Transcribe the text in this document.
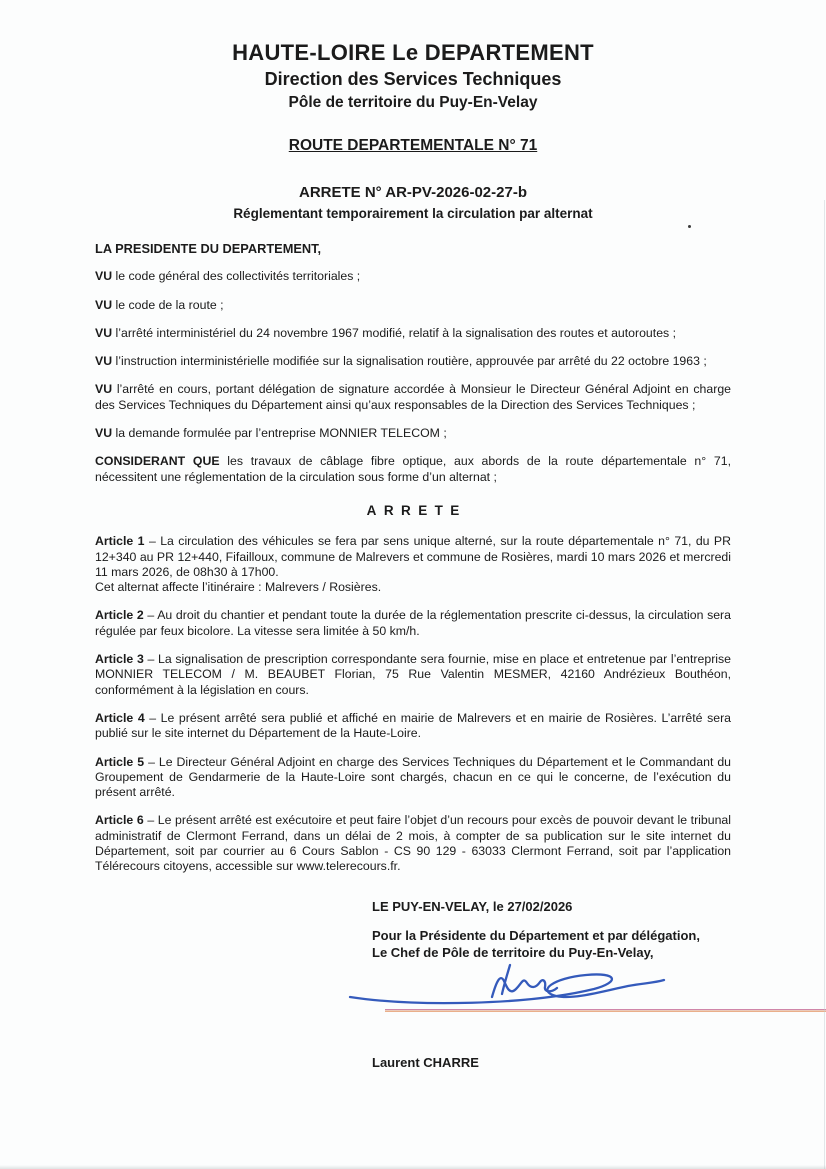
HAUTE-LOIRE Le DEPARTEMENT
Direction des Services Techniques
Pôle de territoire du Puy-En-Velay
ROUTE DEPARTEMENTALE N° 71
ARRETE N° AR-PV-2026-02-27-b
Réglementant temporairement la circulation par alternat

LA PRESIDENTE DU DEPARTEMENT,

VU le code général des collectivités territoriales ;

VU le code de la route ;

VU l’arrêté interministériel du 24 novembre 1967 modifié, relatif à la signalisation des routes et autoroutes ;

VU l’instruction interministérielle modifiée sur la signalisation routière, approuvée par arrêté du 22 octobre 1963 ;

VU l’arrêté en cours, portant délégation de signature accordée à Monsieur le Directeur Général Adjoint en charge des Services Techniques du Département ainsi qu’aux responsables de la Direction des Services Techniques ;

VU la demande formulée par l’entreprise MONNIER TELECOM ;

CONSIDERANT QUE les travaux de câblage fibre optique, aux abords de la route départementale n° 71, nécessitent une réglementation de la circulation sous forme d’un alternat ;

ARRETE

Article 1 – La circulation des véhicules se fera par sens unique alterné, sur la route départementale n° 71, du PR 12+340 au PR 12+440, Fifailloux, commune de Malrevers et commune de Rosières, mardi 10 mars 2026 et mercredi 11 mars 2026, de 08h30 à 17h00.
Cet alternat affecte l’itinéraire : Malrevers / Rosières.

Article 2 – Au droit du chantier et pendant toute la durée de la réglementation prescrite ci-dessus, la circulation sera régulée par feux bicolore. La vitesse sera limitée à 50 km/h.

Article 3 – La signalisation de prescription correspondante sera fournie, mise en place et entretenue par l’entreprise MONNIER TELECOM / M. BEAUBET Florian, 75 Rue Valentin MESMER, 42160 Andrézieux Bouthéon, conformément à la législation en cours.

Article 4 – Le présent arrêté sera publié et affiché en mairie de Malrevers et en mairie de Rosières. L’arrêté sera publié sur le site internet du Département de la Haute-Loire.

Article 5 – Le Directeur Général Adjoint en charge des Services Techniques du Département et le Commandant du Groupement de Gendarmerie de la Haute-Loire sont chargés, chacun en ce qui le concerne, de l’exécution du présent arrêté.

Article 6 – Le présent arrêté est exécutoire et peut faire l’objet d’un recours pour excès de pouvoir devant le tribunal administratif de Clermont Ferrand, dans un délai de 2 mois, à compter de sa publication sur le site internet du Département, soit par courrier au 6 Cours Sablon - CS 90 129 - 63033 Clermont Ferrand, soit par l’application Télérecours citoyens, accessible sur www.telerecours.fr.

LE PUY-EN-VELAY, le 27/02/2026
Pour la Présidente du Département et par délégation,
Le Chef de Pôle de territoire du Puy-En-Velay,
Laurent CHARRE
